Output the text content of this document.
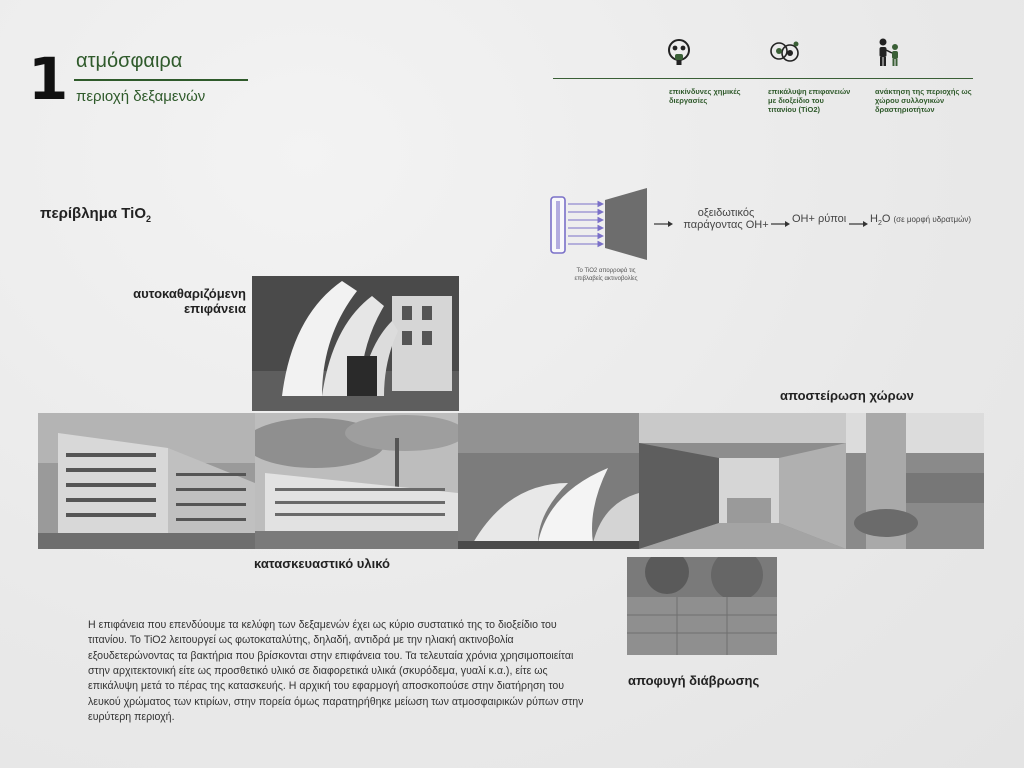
1 ατμόσφαιρα
περιοχή δεξαμενών	επικίνδυνες χημικές
διεργασίες
επικάλυψη επιφανειών
με διοξείδιο του
τιτανίου (TiO2)
ανάκτηση της περιοχής ως
χώρου συλλογικών
δραστηριοτήτων
περίβλημα TiO$_2$
Το TiO2 απορροφά τις
επιβλαβείς ακτινοβολίες
οξειδωτικός
παράγοντας OH+	OH+ ρύποι $H_2O$ (σε μορφή υδρατμών)
αυτοκαθαριζόμενη
επιφάνεια
αποστείρωση χώρων
κατασκευαστικό υλικό
αποφυγή διάβρωσης
Η επιφάνεια που επενδύουμε τα κελύφη των δεξαμενών έχει ως κύριο συστατικό της το διοξείδιο του τιτανίου. Το TiO2 λειτουργεί ως φωτοκαταλύτης, δηλαδή, αντιδρά με την ηλιακή ακτινοβολία εξουδετερώνοντας τα βακτήρια που βρίσκονται στην επιφάνεια του. Τα τελευταία χρόνια χρησιμοποιείται στην αρχιτεκτονική είτε ως προσθετικό υλικό σε διαφορετικά υλικά (σκυρόδεμα, γυαλί κ.α.), είτε ως επικάλυψη μετά το πέρας της κατασκευής. Η αρχική του εφαρμογή αποσκοπούσε στην διατήρηση του λευκού χρώματος των κτιρίων, στην πορεία όμως παρατηρήθηκε μείωση των ατμοσφαιρικών ρύπων στην ευρύτερη περιοχή.
